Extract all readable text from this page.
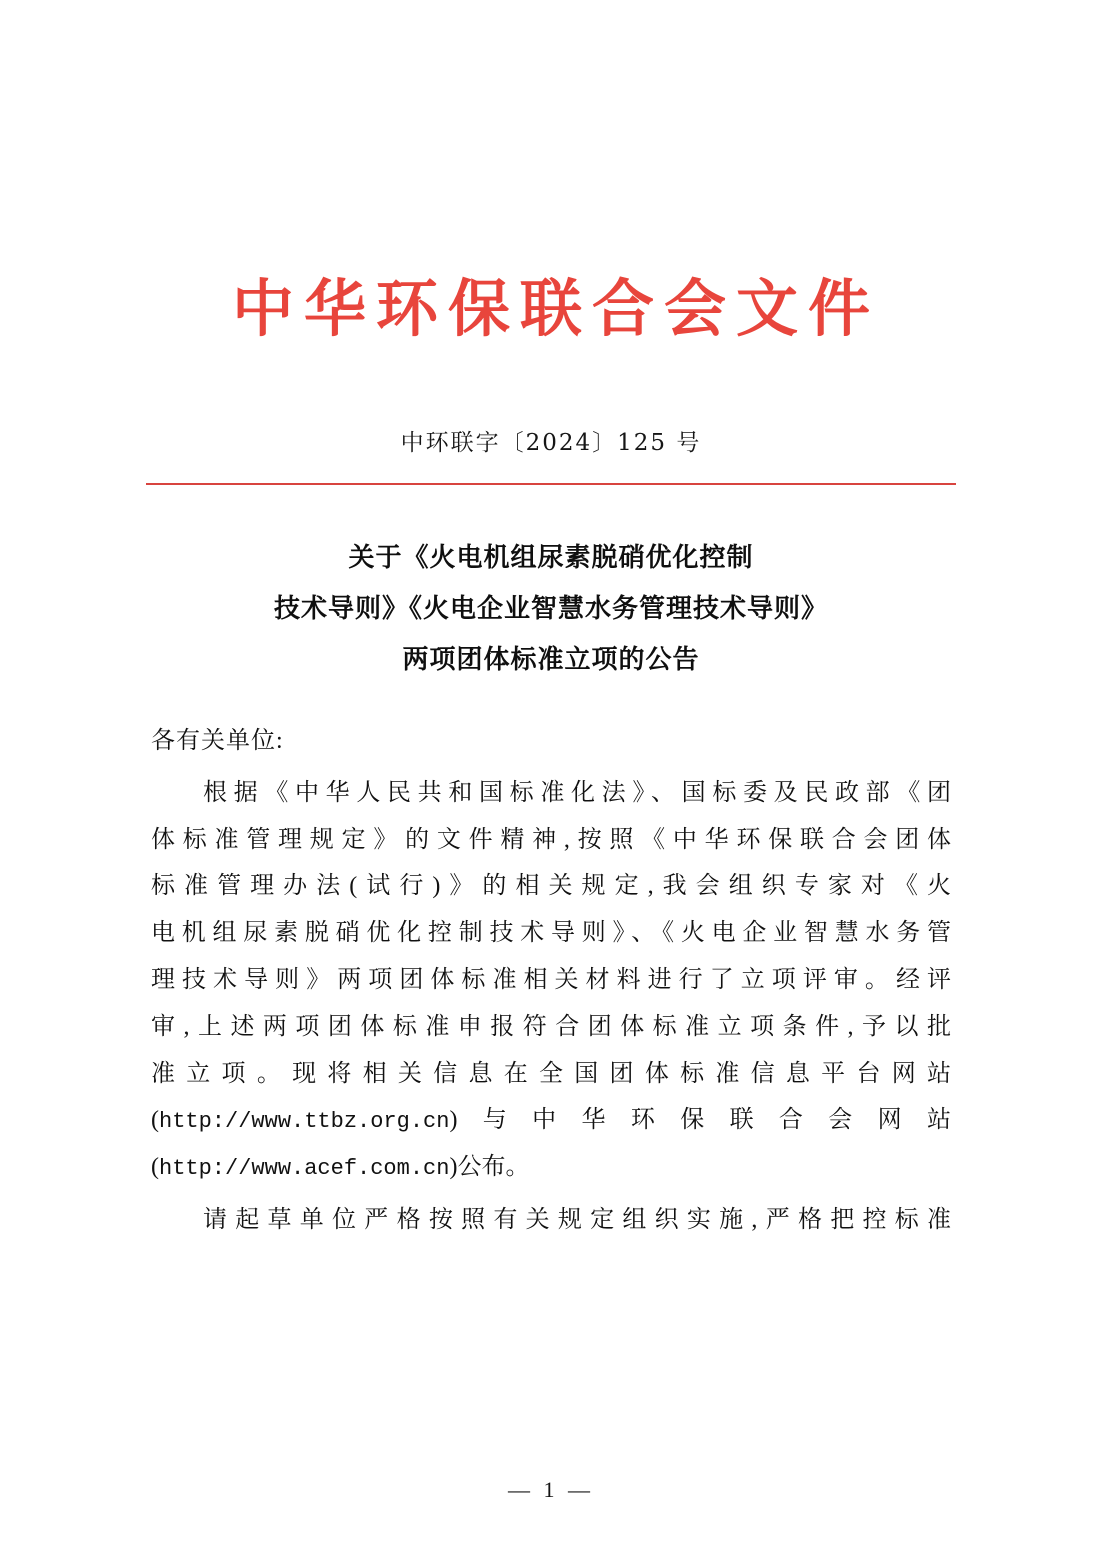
中华环保联合会文件
中环联字〔2024〕125 号
关于《火电机组尿素脱硝优化控制
技术导则》《火电企业智慧水务管理技术导则》
两项团体标准立项的公告
各有关单位:
根据《中华人民共和国标准化法》、国标委及民政部《团
体标准管理规定》的文件精神,按照《中华环保联合会团体
标准管理办法(试行)》的相关规定,我会组织专家对《火
电机组尿素脱硝优化控制技术导则》、《火电企业智慧水务管
理技术导则》两项团体标准相关材料进行了立项评审。经评
审,上述两项团体标准申报符合团体标准立项条件,予以批
准立项。现将相关信息在全国团体标准信息平台网站
(http://www.ttbz.org.cn)与中华环保联合会网站
(http://www.acef.com.cn)公布。
请起草单位严格按照有关规定组织实施,严格把控标准
— 1 —
